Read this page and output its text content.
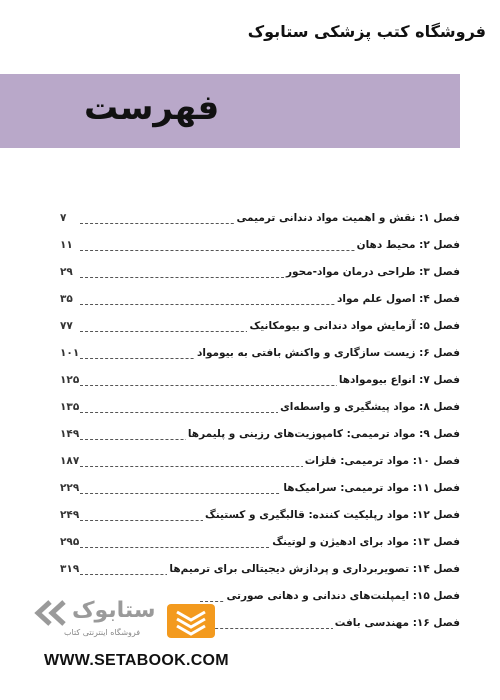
فروشگاه کتب پزشکی ستابوک
فهرست
۷	فصل ۱: نقش و اهمیت مواد دندانی ترمیمی
۱۱	فصل ۲: محیط دهان
۲۹	فصل ۳: طراحی درمان مواد-محور
۳۵	فصل ۴: اصول علم مواد
۷۷	فصل ۵: آزمایش مواد دندانی و بیومکانیک
۱۰۱	فصل ۶: زیست سازگاری و واکنش بافتی به بیومواد
۱۲۵	فصل ۷: انواع بیومواد‌ها
۱۳۵	فصل ۸: مواد پیشگیری و واسطه‌ای
۱۴۹	فصل ۹: مواد ترمیمی: کامپوزیت‌های رزینی و پلیمرها
۱۸۷	فصل ۱۰: مواد ترمیمی: فلزات
۲۲۹	فصل ۱۱: مواد ترمیمی: سرامیک‌ها
۲۴۹	فصل ۱۲: مواد رپلیکیت کننده: قالبگیری و کستینگ
۲۹۵	فصل ۱۳: مواد برای ادهیژن و لوتینگ
۳۱۹	فصل ۱۴: تصویربرداری و پردازش دیجیتالی برای ترمیم‌ها
فصل ۱۵: ایمپلنت‌های دندانی و دهانی صورتی
فصل ۱۶: مهندسی بافت
ستابوک
فروشگاه اینترنتی کتاب
WWW.SETABOOK.COM
